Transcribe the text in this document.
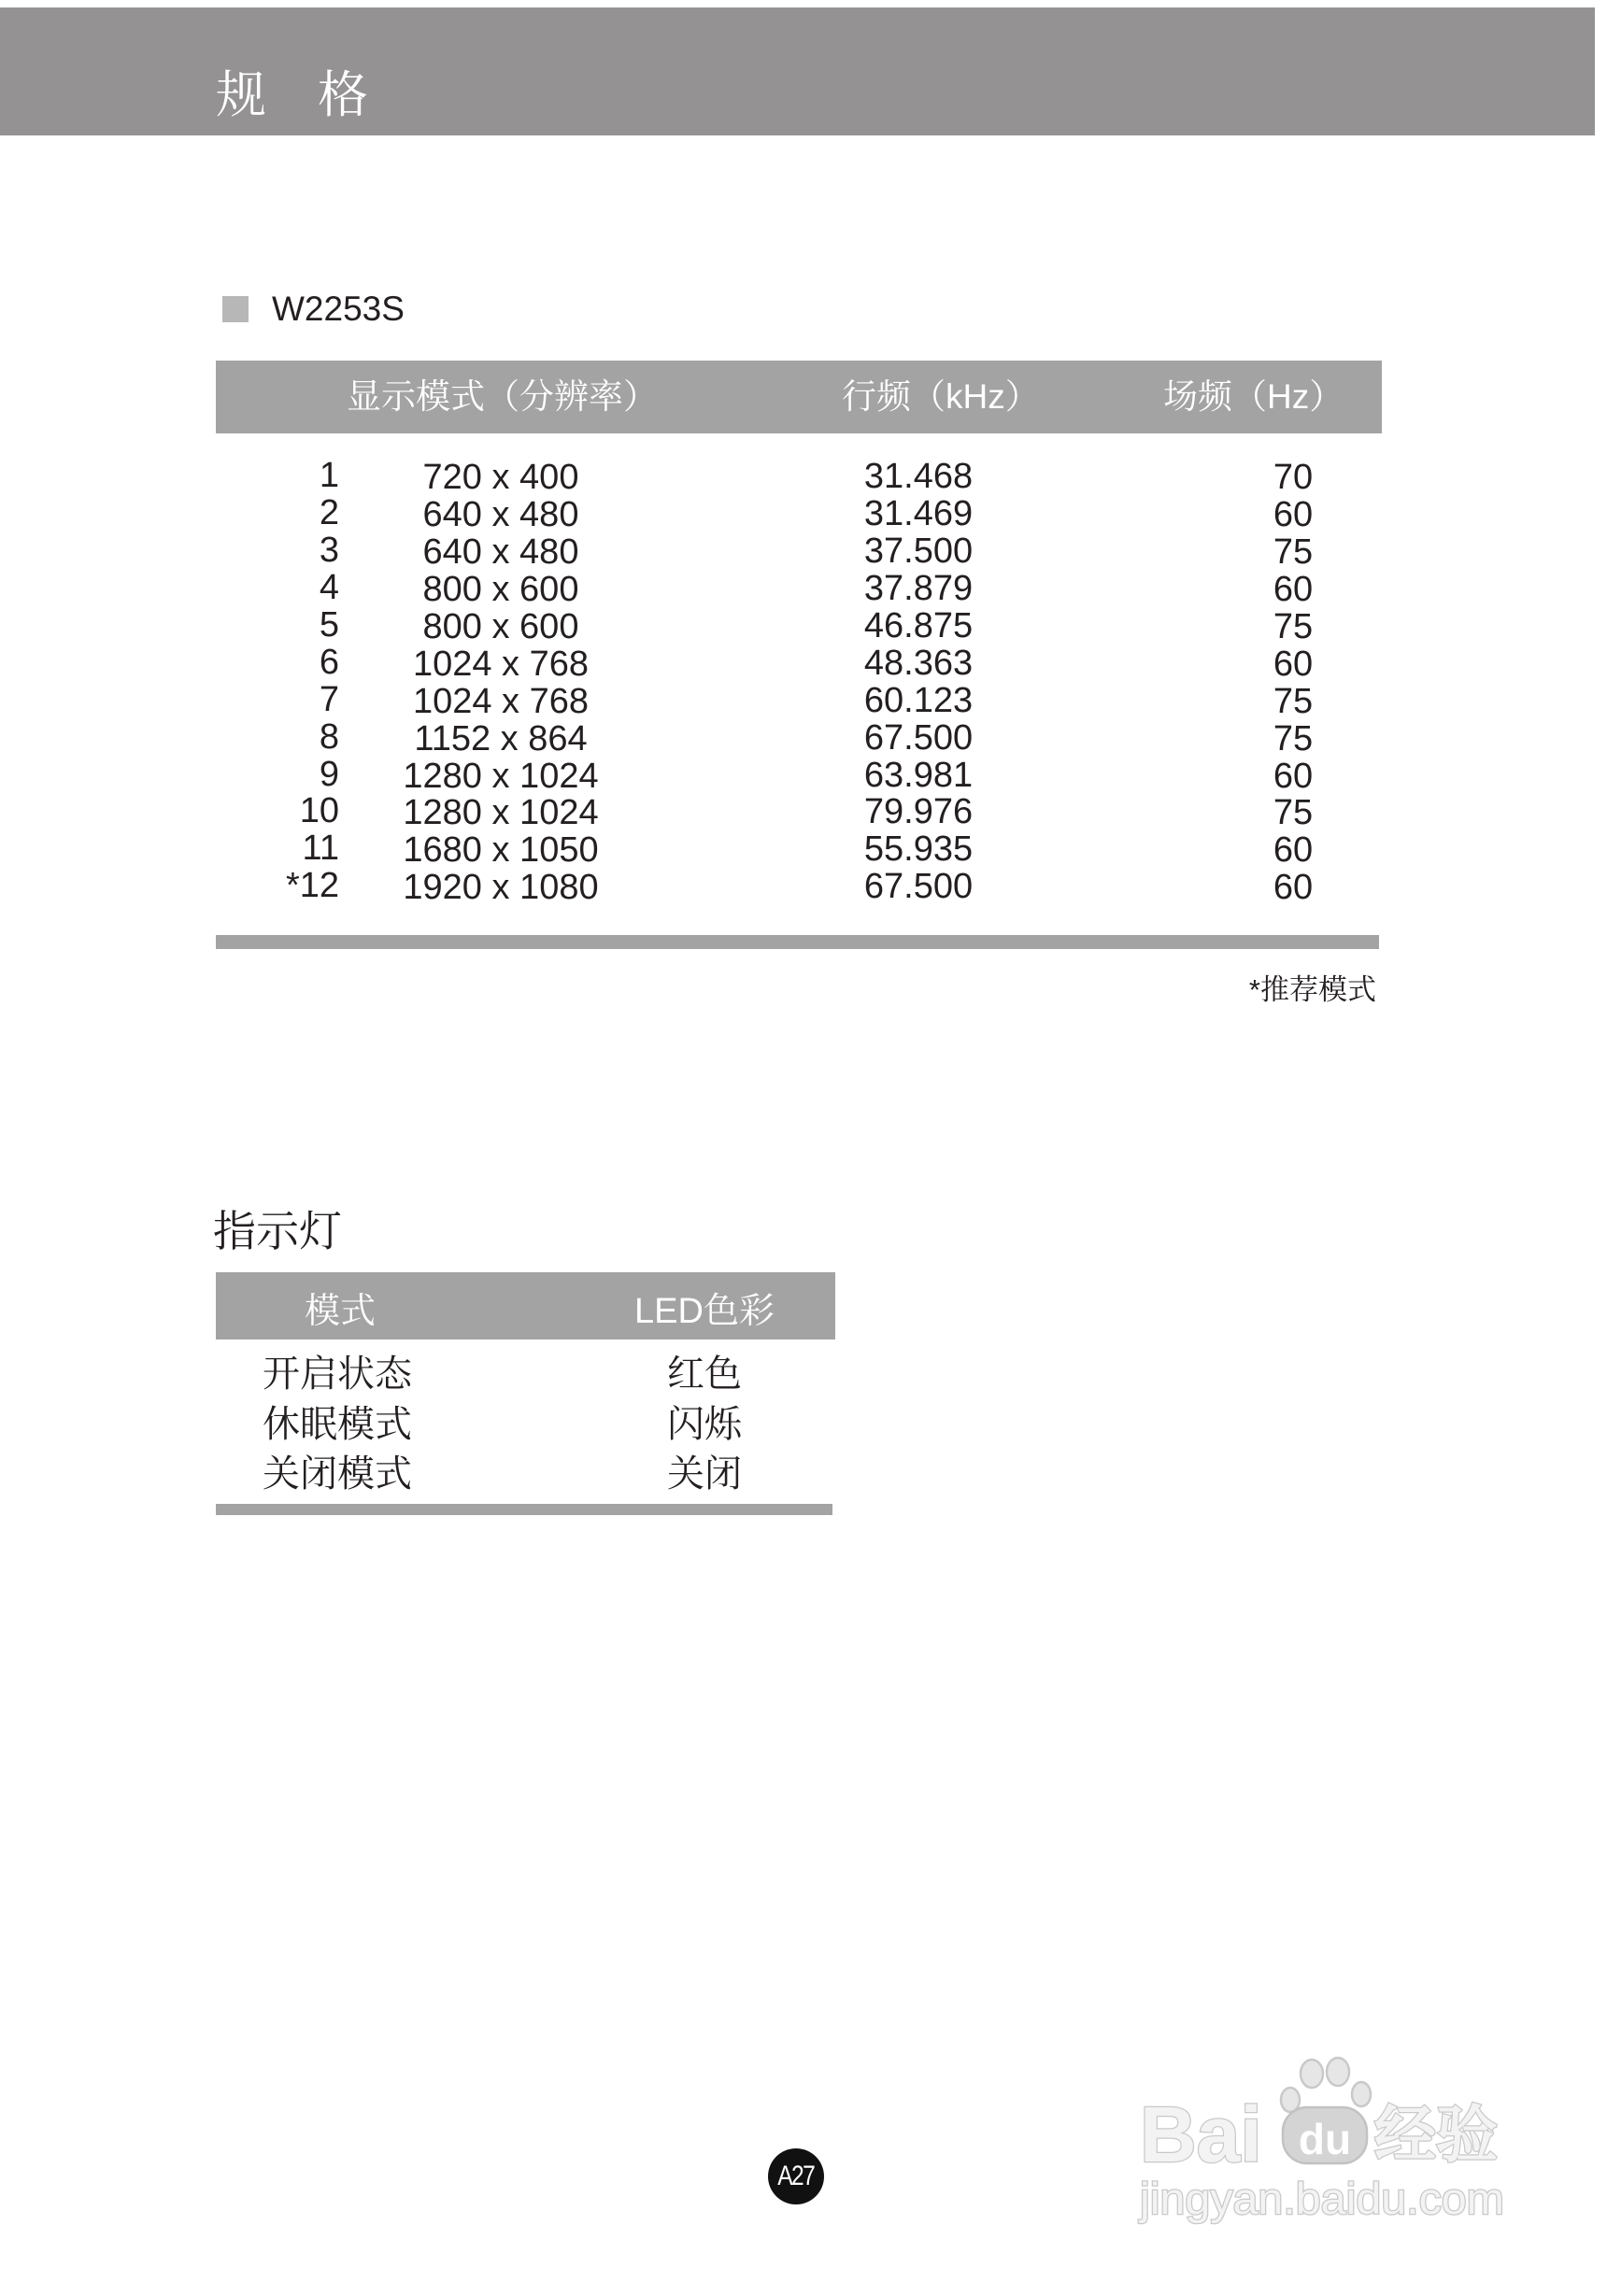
规 格
W2253S
显示模式（分辨率）	行频（kHz）	场频（Hz）
1	720 x 400	31.468	70
2	640 x 480	31.469	60
3	640 x 480	37.500	75
4	800 x 600	37.879	60
5	800 x 600	46.875	75
6	1024 x 768	48.363	60
7	1024 x 768	60.123	75
8	1152 x 864	67.500	75
9	1280 x 1024	63.981	60
10	1280 x 1024	79.976	75
11	1680 x 1050	55.935	60
*12	1920 x 1080	67.500	60
*推荐模式
指示灯
模式	LED色彩
开启状态	红色
休眠模式	闪烁
关闭模式	关闭
A27	Bai du 经验
jingyan.baidu.com
